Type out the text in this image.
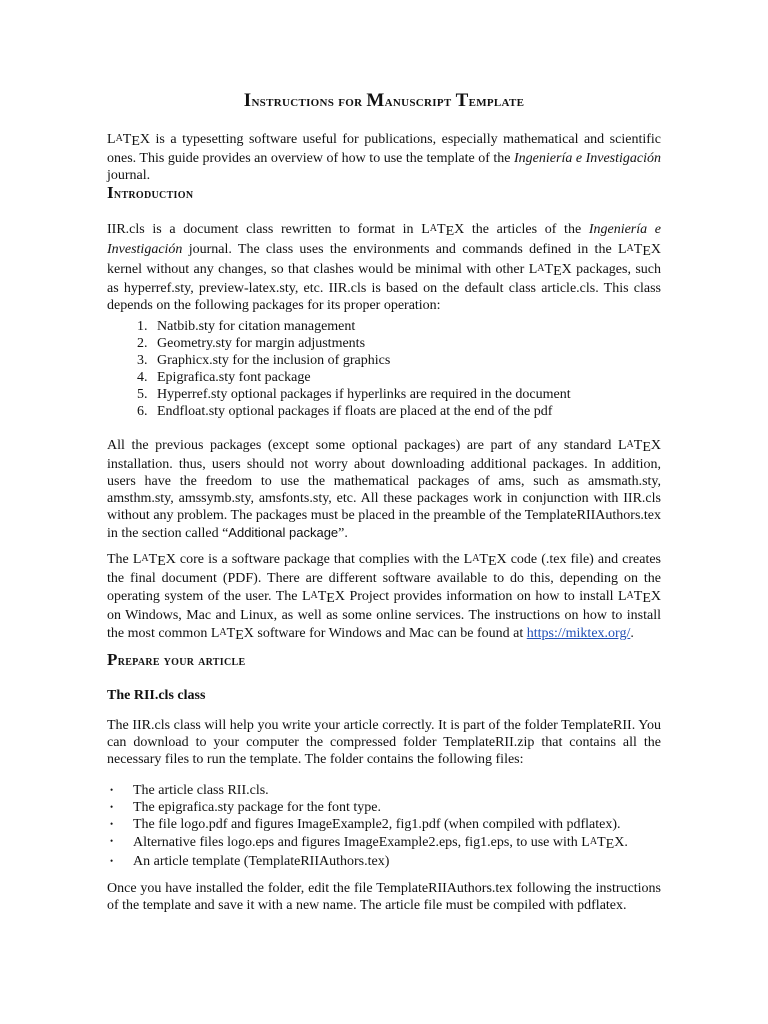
Instructions for Manuscript Template

LATEX is a typesetting software useful for publications, especially mathematical and scientific ones. This guide provides an overview of how to use the template of the Ingeniería e Investigación journal.

Introduction

IIR.cls is a document class rewritten to format in LATEX the articles of the Ingeniería e Investigación journal. The class uses the environments and commands defined in the LATEX kernel without any changes, so that clashes would be minimal with other LATEX packages, such as hyperref.sty, preview-latex.sty, etc. IIR.cls is based on the default class article.cls. This class depends on the following packages for its proper operation:

1. Natbib.sty for citation management
2. Geometry.sty for margin adjustments
3. Graphicx.sty for the inclusion of graphics
4. Epigrafica.sty font package
5. Hyperref.sty optional packages if hyperlinks are required in the document
6. Endfloat.sty optional packages if floats are placed at the end of the pdf

All the previous packages (except some optional packages) are part of any standard LATEX installation. thus, users should not worry about downloading additional packages. In addition, users have the freedom to use the mathematical packages of ams, such as amsmath.sty, amsthm.sty, amssymb.sty, amsfonts.sty, etc. All these packages work in conjunction with IIR.cls without any problem. The packages must be placed in the preamble of the TemplateRIIAuthors.tex in the section called “Additional package”.

The LATEX core is a software package that complies with the LATEX code (.tex file) and creates the final document (PDF). There are different software available to do this, depending on the operating system of the user. The LATEX Project provides information on how to install LATEX on Windows, Mac and Linux, as well as some online services. The instructions on how to install the most common LATEX software for Windows and Mac can be found at https://miktex.org/.

Prepare your article
The RII.cls class

The IIR.cls class will help you write your article correctly. It is part of the folder TemplateRII. You can download to your computer the compressed folder TemplateRII.zip that contains all the necessary files to run the template. The folder contains the following files:

• The article class RII.cls.
• The epigrafica.sty package for the font type.
• The file logo.pdf and figures ImageExample2, fig1.pdf (when compiled with pdflatex).
• Alternative files logo.eps and figures ImageExample2.eps, fig1.eps, to use with LATEX.
• An article template (TemplateRIIAuthors.tex)

Once you have installed the folder, edit the file TemplateRIIAuthors.tex following the instructions of the template and save it with a new name. The article file must be compiled with pdflatex.
